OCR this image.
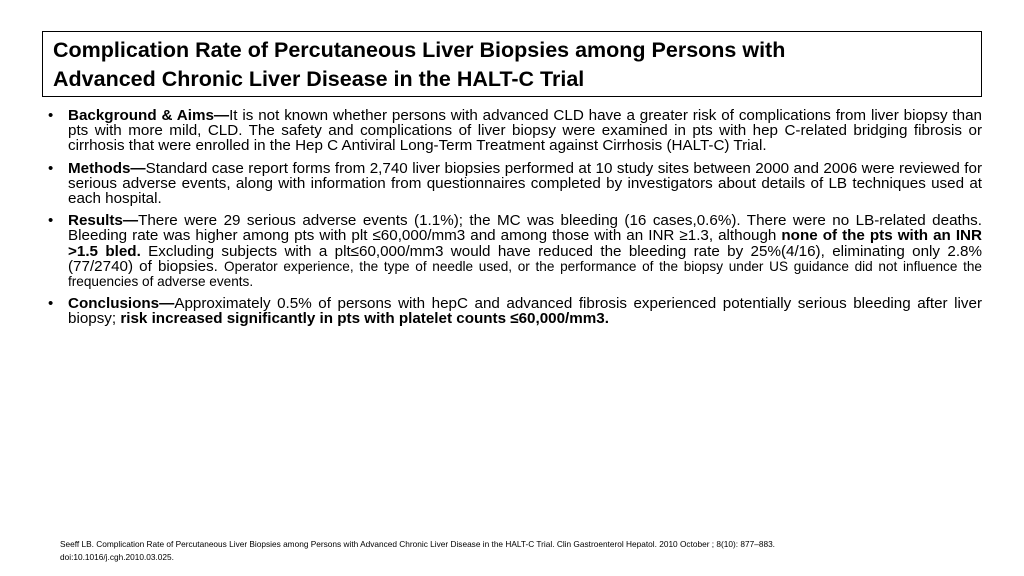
Complication Rate of Percutaneous Liver Biopsies among Persons with
Advanced Chronic Liver Disease in the HALT-C Trial
• Background & Aims—It is not known whether persons with advanced CLD have a greater risk of complications from liver biopsy than pts with more mild, CLD. The safety and complications of liver biopsy were examined in pts with hep C-related bridging fibrosis or cirrhosis that were enrolled in the Hep C Antiviral Long-Term Treatment against Cirrhosis (HALT-C) Trial.
• Methods—Standard case report forms from 2,740 liver biopsies performed at 10 study sites between 2000 and 2006 were reviewed for serious adverse events, along with information from questionnaires completed by investigators about details of LB techniques used at each hospital.
• Results—There were 29 serious adverse events (1.1%); the MC was bleeding (16 cases,0.6%). There were no LB-related deaths. Bleeding rate was higher among pts with plt ≤60,000/mm3 and among those with an INR ≥1.3, although none of the pts with an INR >1.5 bled. Excluding subjects with a plt≤60,000/mm3 would have reduced the bleeding rate by 25%(4/16), eliminating only 2.8%(77/2740) of biopsies. Operator experience, the type of needle used, or the performance of the biopsy under US guidance did not influence the frequencies of adverse events.
• Conclusions—Approximately 0.5% of persons with hepC and advanced fibrosis experienced potentially serious bleeding after liver biopsy; risk increased significantly in pts with platelet counts ≤60,000/mm3.
Seeff LB. Complication Rate of Percutaneous Liver Biopsies among Persons with Advanced Chronic Liver Disease in the HALT-C Trial. Clin Gastroenterol Hepatol. 2010 October ; 8(10): 877–883.
doi:10.1016/j.cgh.2010.03.025.
